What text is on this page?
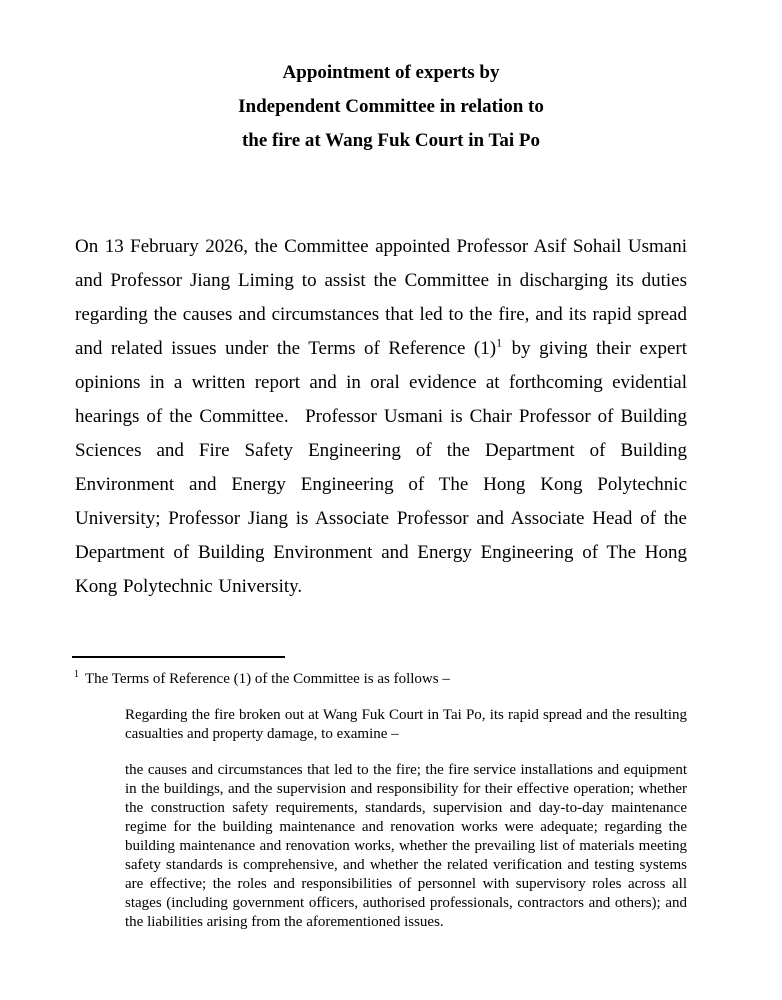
Appointment of experts by
Independent Committee in relation to
the fire at Wang Fuk Court in Tai Po

On 13 February 2026, the Committee appointed Professor Asif Sohail Usmani and Professor Jiang Liming to assist the Committee in discharging its duties regarding the causes and circumstances that led to the fire, and its rapid spread and related issues under the Terms of Reference (1)$^1$ by giving their expert opinions in a written report and in oral evidence at forthcoming evidential hearings of the Committee.  Professor Usmani is Chair Professor of Building Sciences and Fire Safety Engineering of the Department of Building Environment and Energy Engineering of The Hong Kong Polytechnic University; Professor Jiang is Associate Professor and Associate Head of the Department of Building Environment and Energy Engineering of The Hong Kong Polytechnic University.

$^1$ The Terms of Reference (1) of the Committee is as follows –

Regarding the fire broken out at Wang Fuk Court in Tai Po, its rapid spread and the resulting casualties and property damage, to examine –

the causes and circumstances that led to the fire; the fire service installations and equipment in the buildings, and the supervision and responsibility for their effective operation; whether the construction safety requirements, standards, supervision and day-to-day maintenance regime for the building maintenance and renovation works were adequate; regarding the building maintenance and renovation works, whether the prevailing list of materials meeting safety standards is comprehensive, and whether the related verification and testing systems are effective; the roles and responsibilities of personnel with supervisory roles across all stages (including government officers, authorised professionals, contractors and others); and the liabilities arising from the aforementioned issues.
